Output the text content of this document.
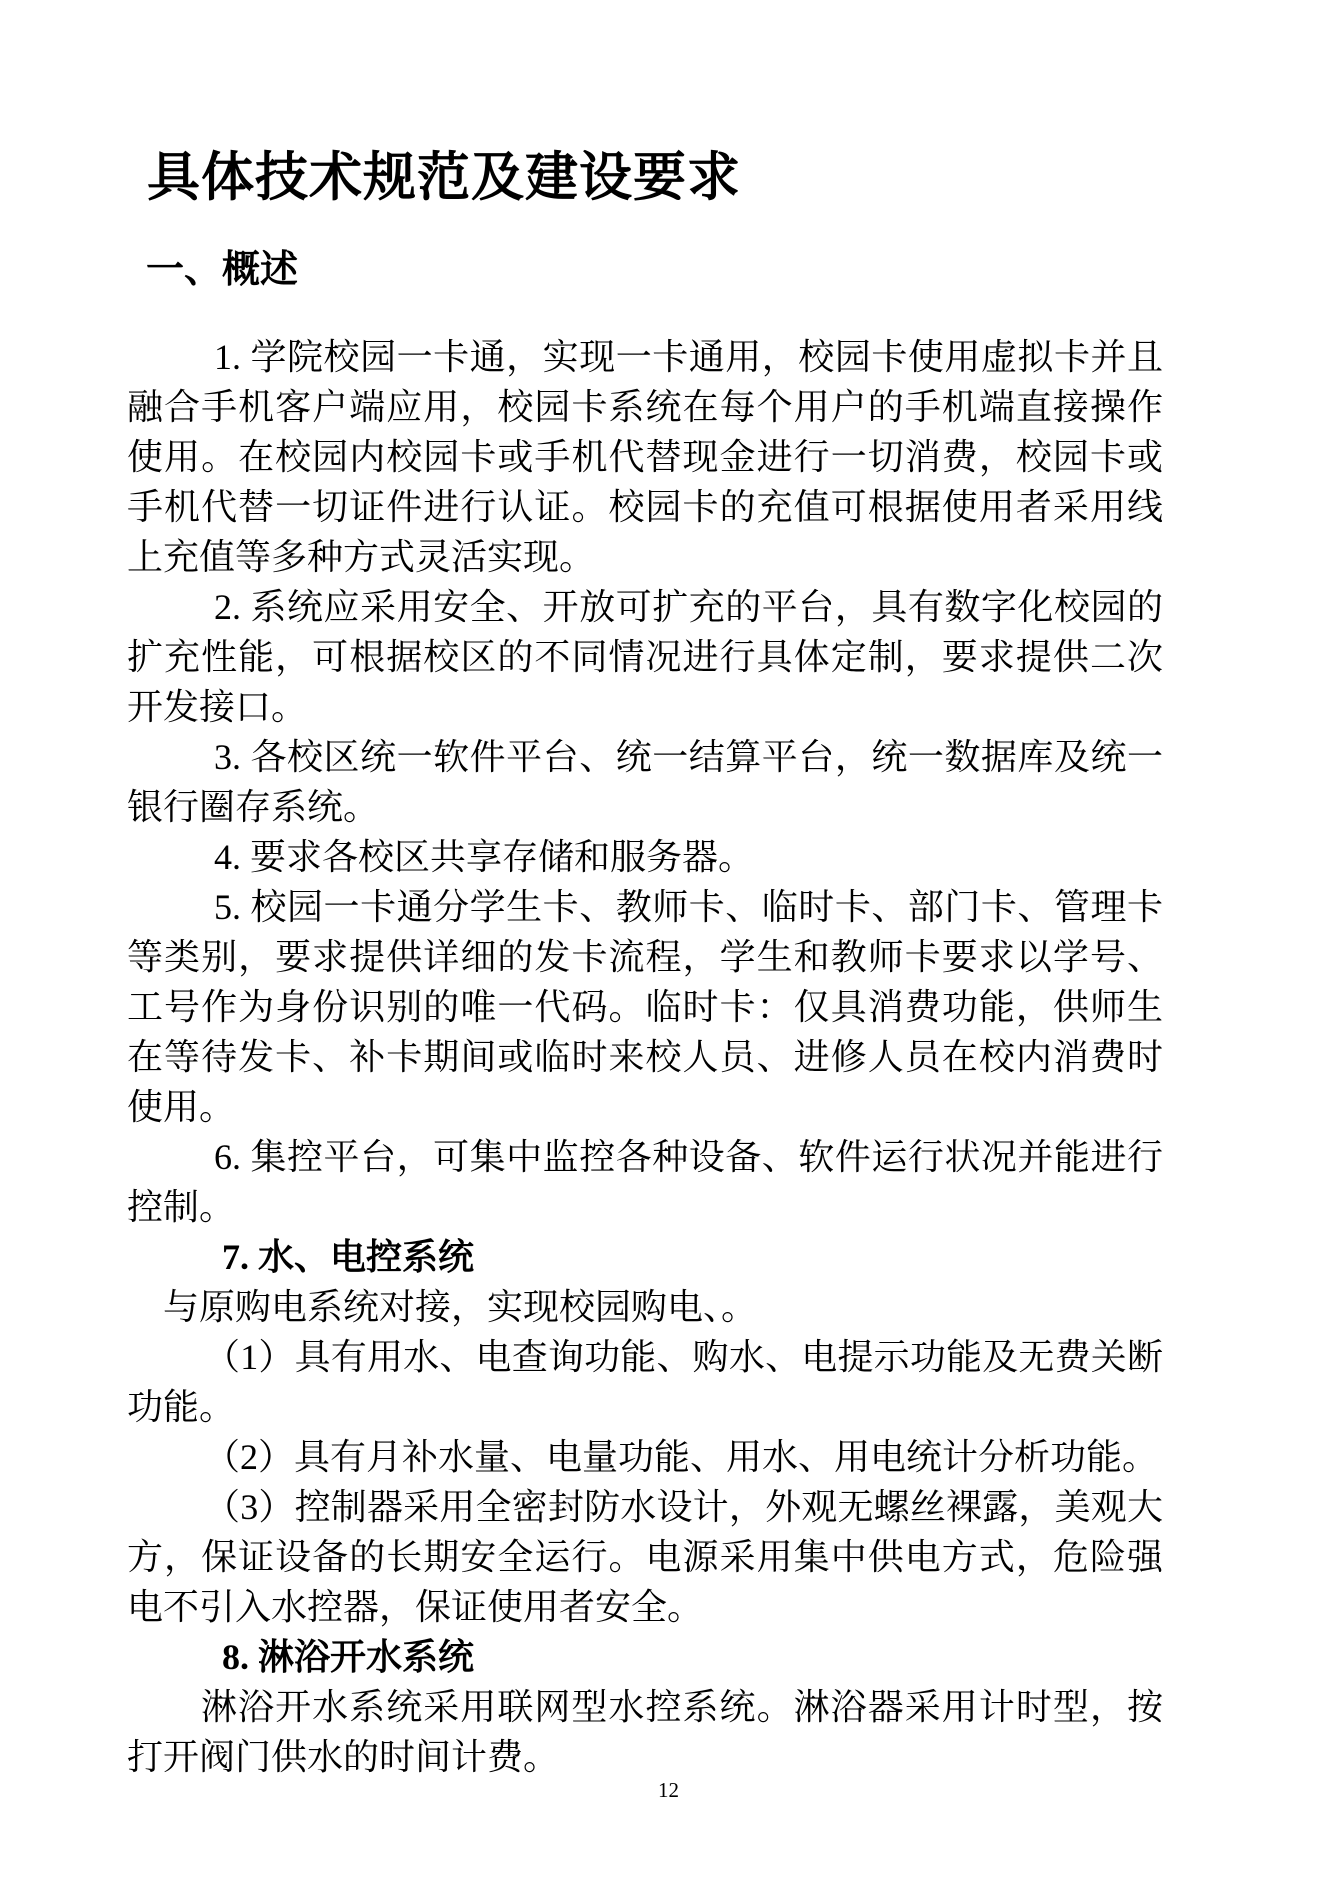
具体技术规范及建设要求
一、概述
1. 学院校园一卡通，实现一卡通用，校园卡使用虚拟卡并且
融合手机客户端应用，校园卡系统在每个用户的手机端直接操作
使用。在校园内校园卡或手机代替现金进行一切消费，校园卡或
手机代替一切证件进行认证。校园卡的充值可根据使用者采用线
上充值等多种方式灵活实现。
2. 系统应采用安全、开放可扩充的平台，具有数字化校园的
扩充性能，可根据校区的不同情况进行具体定制，要求提供二次
开发接口。
3. 各校区统一软件平台、统一结算平台，统一数据库及统一
银行圈存系统。
4. 要求各校区共享存储和服务器。
5. 校园一卡通分学生卡、教师卡、临时卡、部门卡、管理卡
等类别，要求提供详细的发卡流程，学生和教师卡要求以学号、
工号作为身份识别的唯一代码。临时卡：仅具消费功能，供师生
在等待发卡、补卡期间或临时来校人员、进修人员在校内消费时
使用。
6. 集控平台，可集中监控各种设备、软件运行状况并能进行
控制。
7. 水、电控系统
与原购电系统对接，实现校园购电、。
（1）具有用水、电查询功能、购水、电提示功能及无费关断
功能。
（2）具有月补水量、电量功能、用水、用电统计分析功能。
（3）控制器采用全密封防水设计，外观无螺丝裸露，美观大
方，保证设备的长期安全运行。电源采用集中供电方式，危险强
电不引入水控器，保证使用者安全。
8. 淋浴开水系统
淋浴开水系统采用联网型水控系统。淋浴器采用计时型，按
打开阀门供水的时间计费。
12
